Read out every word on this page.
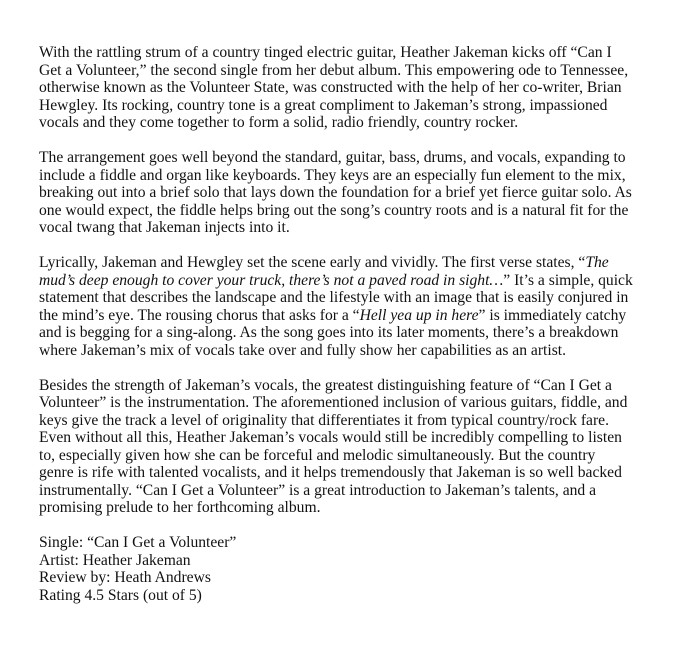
With the rattling strum of a country tinged electric guitar, Heather Jakeman kicks off “Can I
Get a Volunteer,” the second single from her debut album. This empowering ode to Tennessee,
otherwise known as the Volunteer State, was constructed with the help of her co-writer, Brian
Hewgley. Its rocking, country tone is a great compliment to Jakeman’s strong, impassioned
vocals and they come together to form a solid, radio friendly, country rocker.
The arrangement goes well beyond the standard, guitar, bass, drums, and vocals, expanding to
include a fiddle and organ like keyboards. They keys are an especially fun element to the mix,
breaking out into a brief solo that lays down the foundation for a brief yet fierce guitar solo. As
one would expect, the fiddle helps bring out the song’s country roots and is a natural fit for the
vocal twang that Jakeman injects into it.
Lyrically, Jakeman and Hewgley set the scene early and vividly. The first verse states, “The
mud’s deep enough to cover your truck, there’s not a paved road in sight…” It’s a simple, quick
statement that describes the landscape and the lifestyle with an image that is easily conjured in
the mind’s eye. The rousing chorus that asks for a “Hell yea up in here” is immediately catchy
and is begging for a sing-along. As the song goes into its later moments, there’s a breakdown
where Jakeman’s mix of vocals take over and fully show her capabilities as an artist.
Besides the strength of Jakeman’s vocals, the greatest distinguishing feature of “Can I Get a
Volunteer” is the instrumentation. The aforementioned inclusion of various guitars, fiddle, and
keys give the track a level of originality that differentiates it from typical country/rock fare.
Even without all this, Heather Jakeman’s vocals would still be incredibly compelling to listen
to, especially given how she can be forceful and melodic simultaneously. But the country
genre is rife with talented vocalists, and it helps tremendously that Jakeman is so well backed
instrumentally. “Can I Get a Volunteer” is a great introduction to Jakeman’s talents, and a
promising prelude to her forthcoming album.
Single: “Can I Get a Volunteer”
Artist: Heather Jakeman
Review by: Heath Andrews
Rating 4.5 Stars (out of 5)
